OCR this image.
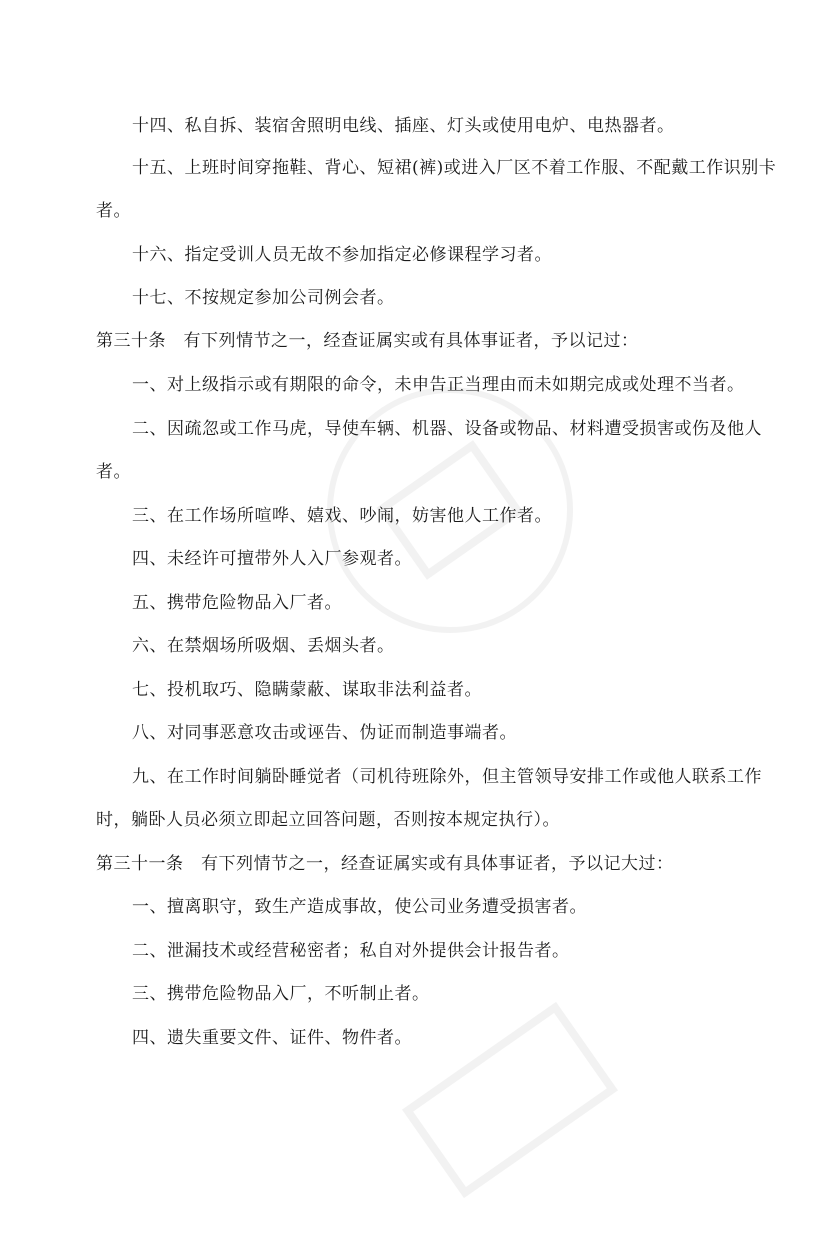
十四、私自拆、装宿舍照明电线、插座、灯头或使用电炉、电热器者。
十五、上班时间穿拖鞋、背心、短裙(裤)或进入厂区不着工作服、不配戴工作识别卡
者。
十六、指定受训人员无故不参加指定必修课程学习者。
十七、不按规定参加公司例会者。
第三十条　有下列情节之一，经查证属实或有具体事证者，予以记过：
一、对上级指示或有期限的命令，未申告正当理由而未如期完成或处理不当者。
二、因疏忽或工作马虎，导使车辆、机器、设备或物品、材料遭受损害或伤及他人
者。
三、在工作场所喧哗、嬉戏、吵闹，妨害他人工作者。
四、未经许可擅带外人入厂参观者。
五、携带危险物品入厂者。
六、在禁烟场所吸烟、丢烟头者。
七、投机取巧、隐瞒蒙蔽、谋取非法利益者。
八、对同事恶意攻击或诬告、伪证而制造事端者。
九、在工作时间躺卧睡觉者（司机待班除外，但主管领导安排工作或他人联系工作
时，躺卧人员必须立即起立回答问题，否则按本规定执行）。
第三十一条　有下列情节之一，经查证属实或有具体事证者，予以记大过：
一、擅离职守，致生产造成事故，使公司业务遭受损害者。
二、泄漏技术或经营秘密者；私自对外提供会计报告者。
三、携带危险物品入厂，不听制止者。
四、遗失重要文件、证件、物件者。
